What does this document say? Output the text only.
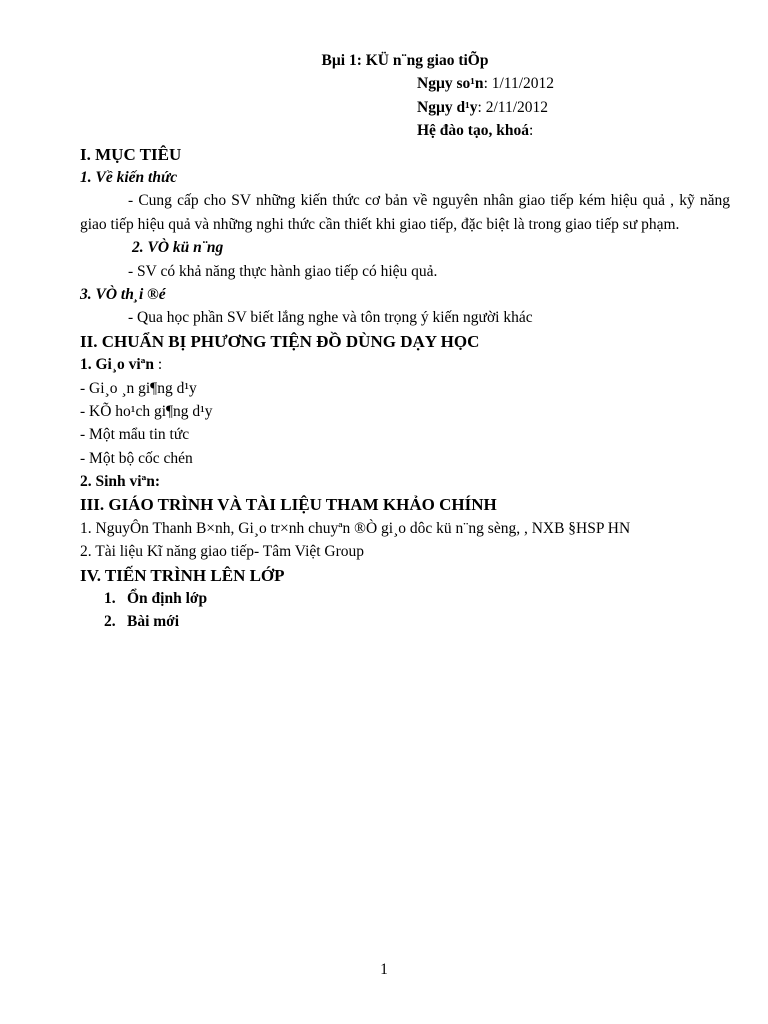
Bµi 1: KÜ n¨ng giao tiÕp
Ngµy so¹n: 1/11/2012
Ngµy d¹y: 2/11/2012
Hệ đào tạo, khoá:
I. MỤC TIÊU
1. Về kiến thức
- Cung cấp cho SV những kiến thức cơ bản về nguyên nhân giao tiếp kém hiệu quả , kỹ năng giao tiếp hiệu quả và những nghi thức cần thiết khi giao tiếp, đặc biệt là trong giao tiếp sư phạm.
2. VÒ kü n¨ng
- SV có khả năng thực hành giao tiếp có hiệu quả.
3. VÒ th¸i ®é
- Qua học phần SV biết lắng nghe và tôn trọng ý kiến người khác
II. CHUẨN BỊ PHƯƠNG TIỆN ĐỒ DÙNG DẠY HỌC
1. Gi¸o viªn :
- Gi¸o ¸n gi¶ng d¹y
- KÕ ho¹ch gi¶ng d¹y
- Một mẩu tin tức
- Một bộ cốc chén
2. Sinh viªn:
III. GIÁO TRÌNH VÀ TÀI LIỆU THAM KHẢO CHÍNH
1. NguyÔn Thanh B×nh, Gi¸o tr×nh chuyªn ®Ò gi¸o dôc kü n¨ng sèng, , NXB §HSP HN
2. Tài liệu Kĩ năng giao tiếp- Tâm Việt Group
IV. TIẾN TRÌNH LÊN LỚP
1. Ổn định lớp
2. Bài mới
1
